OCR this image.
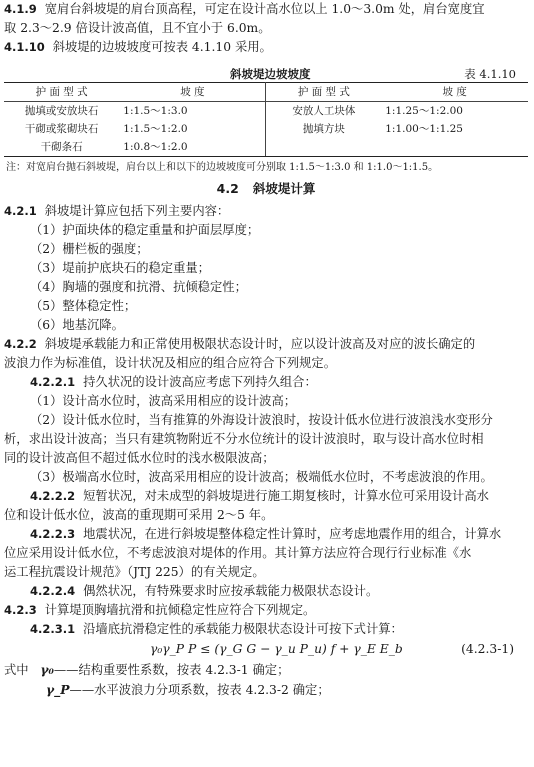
4.1.9 宽肩台斜坡堤的肩台顶高程，可定在设计高水位以上 1.0～3.0m 处，肩台宽度宜

取 2.3～2.9 倍设计波高值，且不宜小于 6.0m。

4.1.10 斜坡堤的边坡坡度可按表 4.1.10 采用。

斜坡堤边坡坡度	表 4.1.10
护 面 型 式	坡 度	护 面 型 式	坡 度
抛填或安放块石	1:1.5～1:3.0	安放人工块体	1:1.25～1:2.00
干砌或浆砌块石	1:1.5～1:2.0	抛填方块	1:1.00～1:1.25
干砌条石	1:0.8～1:2.0		

注：对宽肩台抛石斜坡堤，肩台以上和以下的边坡坡度可分别取 1:1.5～1:3.0 和 1:1.0～1:1.5。

4.2 斜坡堤计算

4.2.1 斜坡堤计算应包括下列主要内容：

（1）护面块体的稳定重量和护面层厚度；

（2）栅栏板的强度；

（3）堤前护底块石的稳定重量；

（4）胸墙的强度和抗滑、抗倾稳定性；

（5）整体稳定性；

（6）地基沉降。

4.2.2 斜坡堤承载能力和正常使用极限状态设计时，应以设计波高及对应的波长确定的

波浪力作为标准值，设计状况及相应的组合应符合下列规定。

4.2.2.1 持久状况的设计波高应考虑下列持久组合：

（1）设计高水位时，波高采用相应的设计波高；

（2）设计低水位时，当有推算的外海设计波浪时，按设计低水位进行波浪浅水变形分

析，求出设计波高；当只有建筑物附近不分水位统计的设计波浪时，取与设计高水位时相

同的设计波高但不超过低水位时的浅水极限波高；

（3）极端高水位时，波高采用相应的设计波高；极端低水位时，不考虑波浪的作用。

4.2.2.2 短暂状况，对未成型的斜坡堤进行施工期复核时，计算水位可采用设计高水

位和设计低水位，波高的重现期可采用 2～5 年。

4.2.2.3 地震状况，在进行斜坡堤整体稳定性计算时，应考虑地震作用的组合，计算水

位应采用设计低水位，不考虑波浪对堤体的作用。其计算方法应符合现行行业标准《水

运工程抗震设计规范》（JTJ 225）的有关规定。

4.2.2.4 偶然状况，有特殊要求时应按承载能力极限状态设计。

4.2.3 计算堤顶胸墙抗滑和抗倾稳定性应符合下列规定。

4.2.3.1 沿墙底抗滑稳定性的承载能力极限状态设计可按下式计算：

γ₀γ_P P ≤ (γ_G G − γ_u P_u) f + γ_E E_b	(4.2.3-1)

式中 γ₀——结构重要性系数，按表 4.2.3-1 确定；

γ_P——水平波浪力分项系数，按表 4.2.3-2 确定；
